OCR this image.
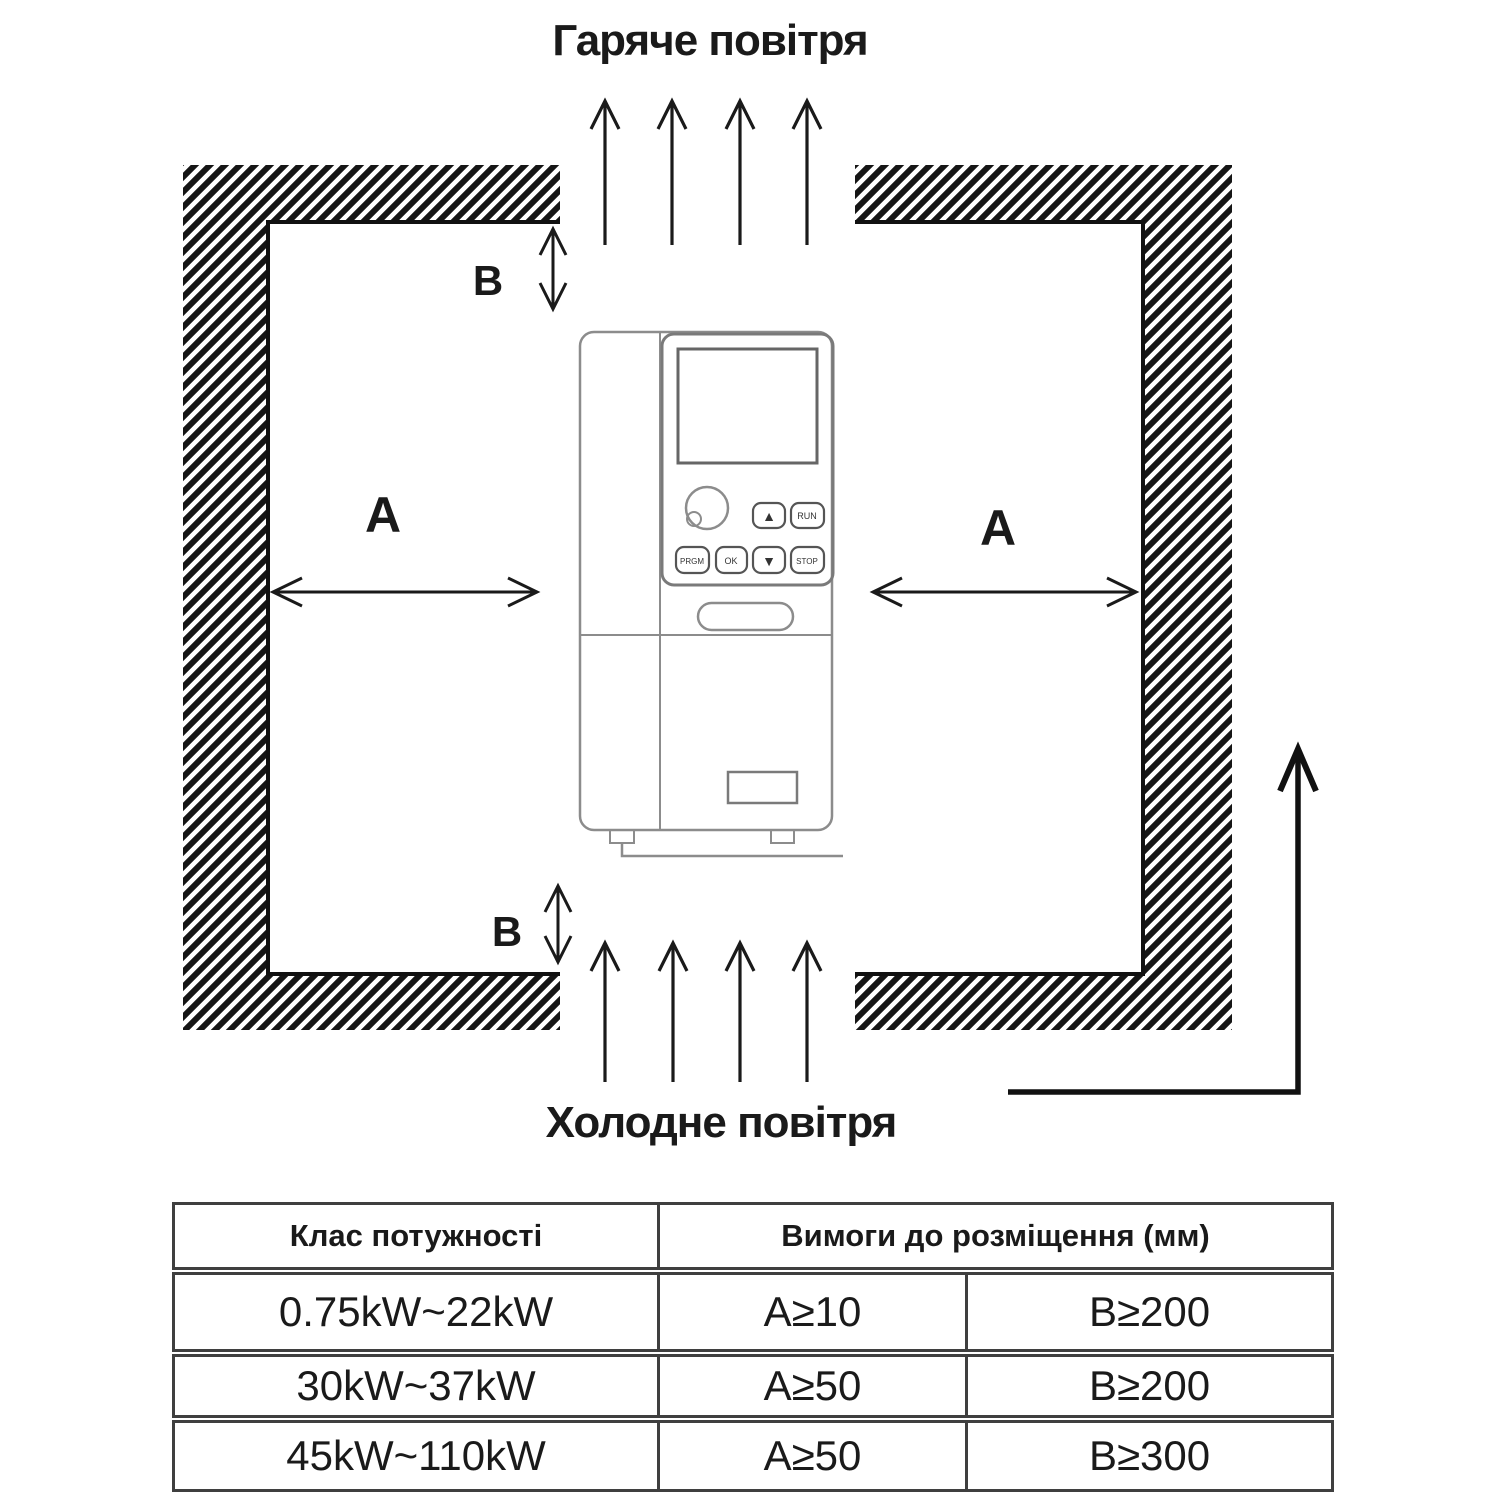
▲ RUN
PRGM OK ▼	STOP
Гаряче повітря
Холодне повітря
A	A
B
B
Клас потужності	Вимоги до розміщення (мм)	
0.75kW~22kW	A≥10	B≥200
30kW~37kW	A≥50	B≥200
45kW~110kW	A≥50	B≥300
